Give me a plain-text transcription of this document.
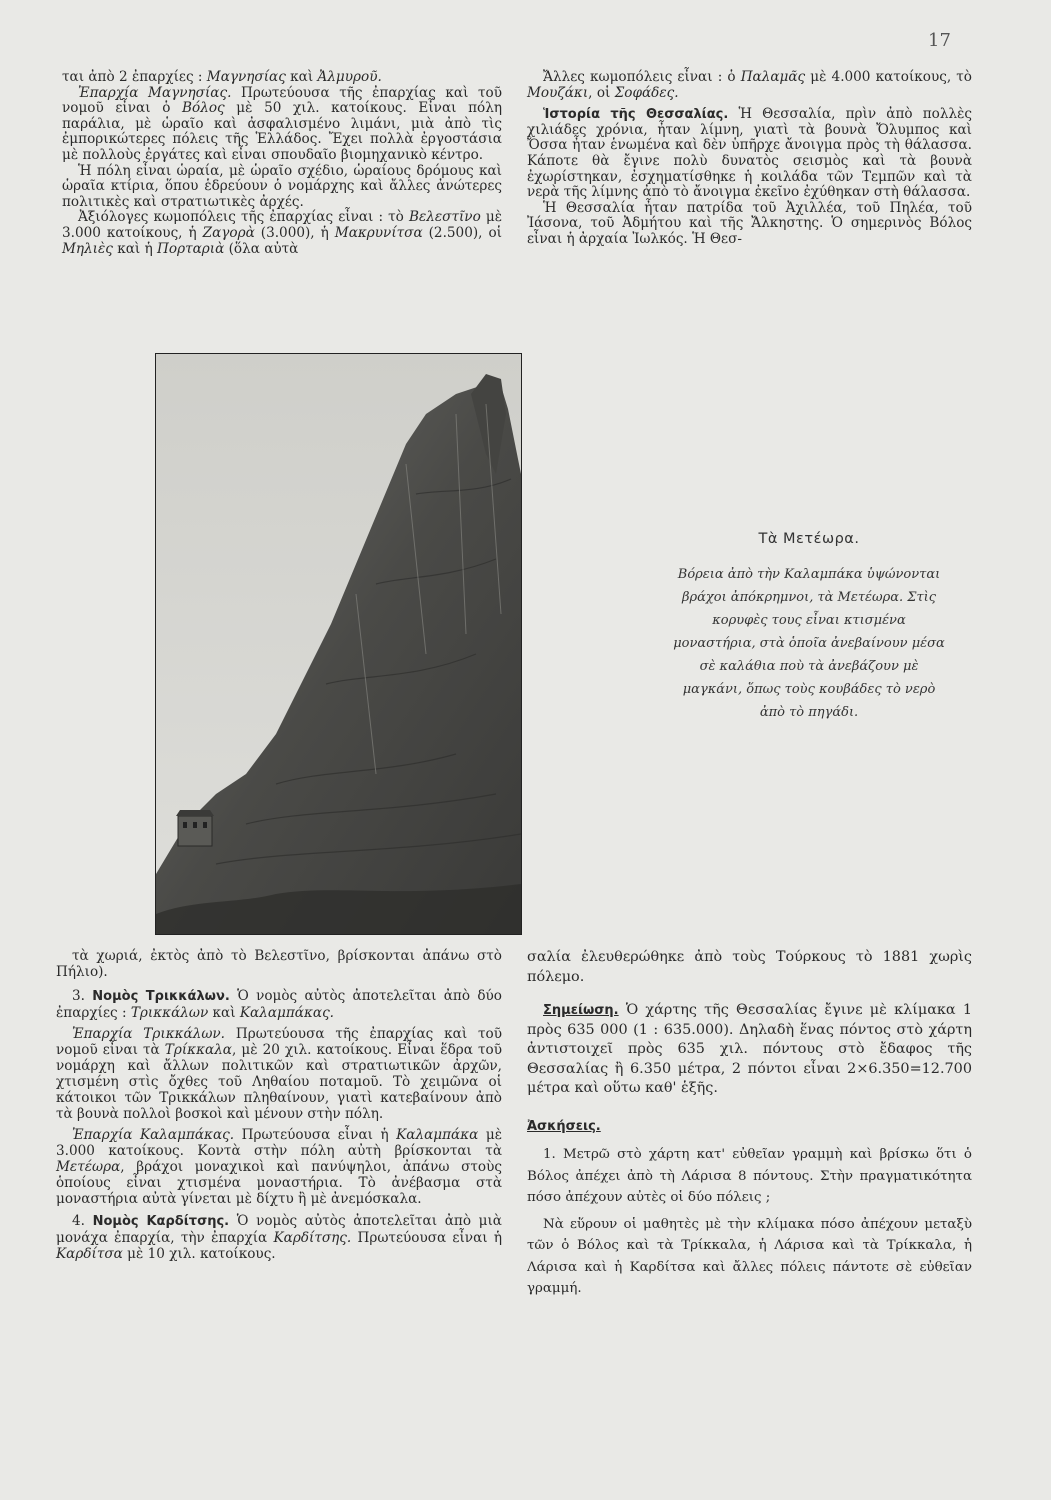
17

ται ἀπὸ 2 ἐπαρχίες : Μαγνησίας καὶ Ἀλμυροῦ.

Ἐπαρχία Μαγνησίας. Πρωτεύουσα τῆς ἐπαρχίας καὶ τοῦ νομοῦ εἶναι ὁ Βόλος μὲ 50 χιλ. κατοίκους. Εἶναι πόλη παράλια, μὲ ὡραῖο καὶ ἀσφαλισμένο λιμάνι, μιὰ ἀπὸ τὶς ἐμπορικώτερες πόλεις τῆς Ἑλλάδος. Ἔχει πολλὰ ἐργοστάσια μὲ πολλοὺς ἐργάτες καὶ εἶναι σπουδαῖο βιομηχανικὸ κέντρο.

Ἡ πόλη εἶναι ὡραία, μὲ ὡραῖο σχέδιο, ὡραίους δρόμους καὶ ὡραῖα κτίρια, ὅπου ἑδρεύουν ὁ νομάρχης καὶ ἄλλες ἀνώτερες πολιτικὲς καὶ στρατιωτικὲς ἀρχές.

Ἀξιόλογες κωμοπόλεις τῆς ἐπαρχίας εἶναι : τὸ Βελεστῖνο μὲ 3.000 κατοίκους, ἡ Ζαγορὰ (3.000), ἡ Μακρυνίτσα (2.500), οἱ Μηλιὲς καὶ ἡ Πορταριὰ (ὅλα αὐτὰ

Ἄλλες κωμοπόλεις εἶναι : ὁ Παλαμᾶς μὲ 4.000 κατοίκους, τὸ Μουζάκι, οἱ Σοφάδες.

Ἱστορία τῆς Θεσσαλίας. Ἡ Θεσσαλία, πρὶν ἀπὸ πολλὲς χιλιάδες χρόνια, ἦταν λίμνη, γιατὶ τὰ βουνὰ Ὄλυμπος καὶ Ὄσσα ἦταν ἑνωμένα καὶ δὲν ὑπῆρχε ἄνοιγμα πρὸς τὴ θάλασσα. Κάποτε θὰ ἔγινε πολὺ δυνατὸς σεισμὸς καὶ τὰ βουνὰ ἐχωρίστηκαν, ἐσχηματίσθηκε ἡ κοιλάδα τῶν Τεμπῶν καὶ τὰ νερὰ τῆς λίμνης ἀπὸ τὸ ἄνοιγμα ἐκεῖνο ἐχύθηκαν στὴ θάλασσα.

Ἡ Θεσσαλία ἦταν πατρίδα τοῦ Ἀχιλλέα, τοῦ Πηλέα, τοῦ Ἰάσονα, τοῦ Ἀδμήτου καὶ τῆς Ἄλκηστης. Ὁ σημερινὸς Βόλος εἶναι ἡ ἀρχαία Ἰωλκός. Ἡ Θεσ-

Τὰ Μετέωρα.
Βόρεια ἀπὸ τὴν Καλαμπάκα ὑψώνονται βράχοι ἀπόκρημνοι, τὰ Μετέωρα. Στὶς κορυφὲς τους εἶναι κτισμένα μοναστήρια, στὰ ὁποῖα ἀνεβαίνουν μέσα σὲ καλάθια ποὺ τὰ ἀνεβάζουν μὲ μαγκάνι, ὅπως τοὺς κουβάδες τὸ νερὸ ἀπὸ τὸ πηγάδι.

τὰ χωριά, ἐκτὸς ἀπὸ τὸ Βελεστῖνο, βρίσκονται ἀπάνω στὸ Πήλιο).

3. Νομὸς Τρικκάλων. Ὁ νομὸς αὐτὸς ἀποτελεῖται ἀπὸ δύο ἐπαρχίες : Τρικκάλων καὶ Καλαμπάκας.

Ἐπαρχία Τρικκάλων. Πρωτεύουσα τῆς ἐπαρχίας καὶ τοῦ νομοῦ εἶναι τὰ Τρίκκαλα, μὲ 20 χιλ. κατοίκους. Εἶναι ἕδρα τοῦ νομάρχη καὶ ἄλλων πολιτικῶν καὶ στρατιωτικῶν ἀρχῶν, χτισμένη στὶς ὄχθες τοῦ Ληθαίου ποταμοῦ. Τὸ χειμῶνα οἱ κάτοικοι τῶν Τρικκάλων πληθαίνουν, γιατὶ κατεβαίνουν ἀπὸ τὰ βουνὰ πολλοὶ βοσκοὶ καὶ μένουν στὴν πόλη.

Ἐπαρχία Καλαμπάκας. Πρωτεύουσα εἶναι ἡ Καλαμπάκα μὲ 3.000 κατοίκους. Κοντὰ στὴν πόλη αὐτὴ βρίσκονται τὰ Μετέωρα, βράχοι μοναχικοὶ καὶ πανύψηλοι, ἀπάνω στοὺς ὁποίους εἶναι χτισμένα μοναστήρια. Τὸ ἀνέβασμα στὰ μοναστήρια αὐτὰ γίνεται μὲ δίχτυ ἢ μὲ ἀνεμόσκαλα.

4. Νομὸς Καρδίτσης. Ὁ νομὸς αὐτὸς ἀποτελεῖται ἀπὸ μιὰ μονάχα ἐπαρχία, τὴν ἐπαρχία Καρδίτσης. Πρωτεύουσα εἶναι ἡ Καρδίτσα μὲ 10 χιλ. κατοίκους.

σαλία ἐλευθερώθηκε ἀπὸ τοὺς Τούρκους τὸ 1881 χωρὶς πόλεμο.

Σημείωση. Ὁ χάρτης τῆς Θεσσαλίας ἔγινε μὲ κλίμακα 1 πρὸς 635 000 (1 : 635.000). Δηλαδὴ ἕνας πόντος στὸ χάρτη ἀντιστοιχεῖ πρὸς 635 χιλ. πόντους στὸ ἔδαφος τῆς Θεσσαλίας ἢ 6.350 μέτρα, 2 πόντοι εἶναι 2×6.350=12.700 μέτρα καὶ οὕτω καθ' ἑξῆς.

Ἀσκήσεις.

1. Μετρῶ στὸ χάρτη κατ' εὐθεῖαν γραμμὴ καὶ βρίσκω ὅτι ὁ Βόλος ἀπέχει ἀπὸ τὴ Λάρισα 8 πόντους. Στὴν πραγματικότητα πόσο ἀπέχουν αὐτὲς οἱ δύο πόλεις ;

Νὰ εὕρουν οἱ μαθητὲς μὲ τὴν κλίμακα πόσο ἀπέχουν μεταξὺ τῶν ὁ Βόλος καὶ τὰ Τρίκκαλα, ἡ Λάρισα καὶ τὰ Τρίκκαλα, ἡ Λάρισα καὶ ἡ Καρδίτσα καὶ ἄλλες πόλεις πάντοτε σὲ εὐθεῖαν γραμμή.
